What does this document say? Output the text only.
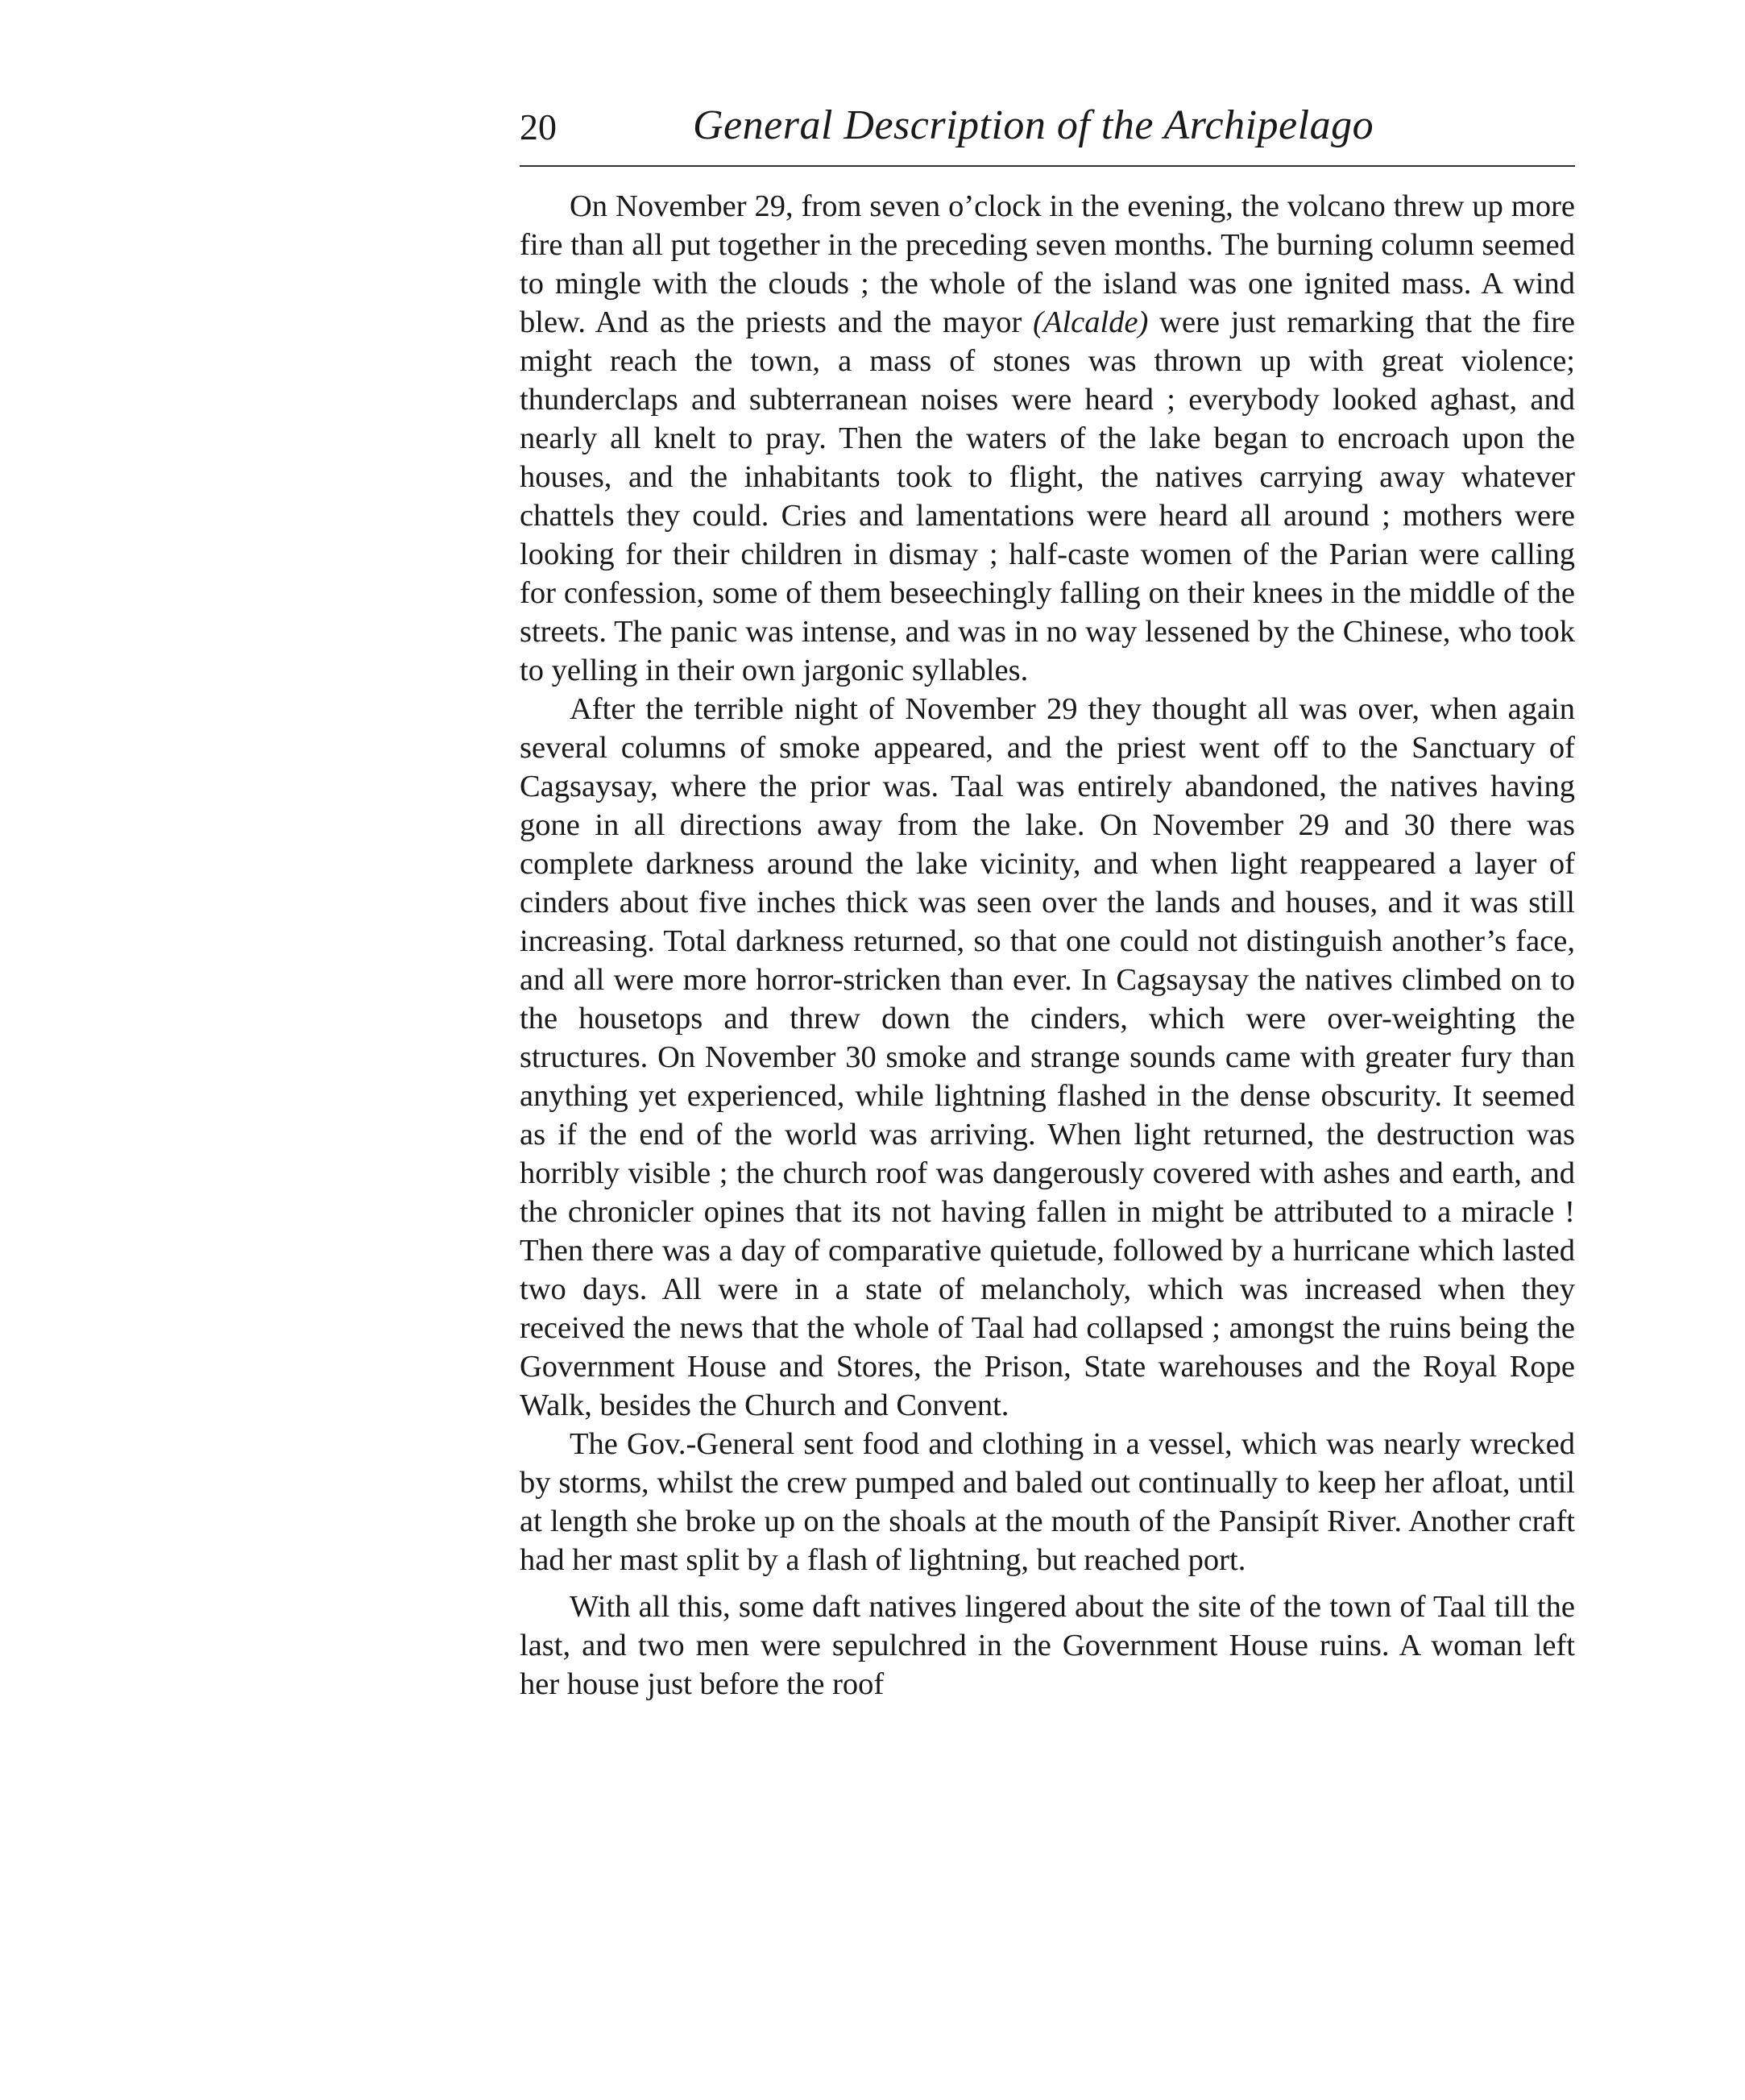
20	General Description of the Archipelago

On November 29, from seven o’clock in the evening, the volcano threw up more fire than all put together in the preceding seven months. The burning column seemed to mingle with the clouds ; the whole of the island was one ignited mass. A wind blew. And as the priests and the mayor (Alcalde) were just remarking that the fire might reach the town, a mass of stones was thrown up with great violence; thunderclaps and subterranean noises were heard ; everybody looked aghast, and nearly all knelt to pray. Then the waters of the lake began to encroach upon the houses, and the inhabitants took to flight, the natives carrying away whatever chattels they could. Cries and lamentations were heard all around ; mothers were looking for their children in dismay ; half-caste women of the Parian were calling for confession, some of them beseechingly falling on their knees in the middle of the streets. The panic was intense, and was in no way lessened by the Chinese, who took to yelling in their own jargonic syllables.

After the terrible night of November 29 they thought all was over, when again several columns of smoke appeared, and the priest went off to the Sanctuary of Cagsaysay, where the prior was. Taal was entirely abandoned, the natives having gone in all directions away from the lake. On November 29 and 30 there was complete darkness around the lake vicinity, and when light reappeared a layer of cinders about five inches thick was seen over the lands and houses, and it was still increasing. Total darkness returned, so that one could not distinguish another’s face, and all were more horror-stricken than ever. In Cagsaysay the natives climbed on to the housetops and threw down the cinders, which were over-weighting the structures. On November 30 smoke and strange sounds came with greater fury than anything yet experienced, while lightning flashed in the dense obscurity. It seemed as if the end of the world was arriving. When light returned, the destruction was horribly visible ; the church roof was dangerously covered with ashes and earth, and the chronicler opines that its not having fallen in might be attributed to a miracle ! Then there was a day of comparative quietude, followed by a hurricane which lasted two days. All were in a state of melancholy, which was increased when they received the news that the whole of Taal had collapsed ; amongst the ruins being the Government House and Stores, the Prison, State warehouses and the Royal Rope Walk, besides the Church and Convent.

The Gov.-General sent food and clothing in a vessel, which was nearly wrecked by storms, whilst the crew pumped and baled out continually to keep her afloat, until at length she broke up on the shoals at the mouth of the Pansipít River. Another craft had her mast split by a flash of lightning, but reached port.

With all this, some daft natives lingered about the site of the town of Taal till the last, and two men were sepulchred in the Government House ruins. A woman left her house just before the roof
